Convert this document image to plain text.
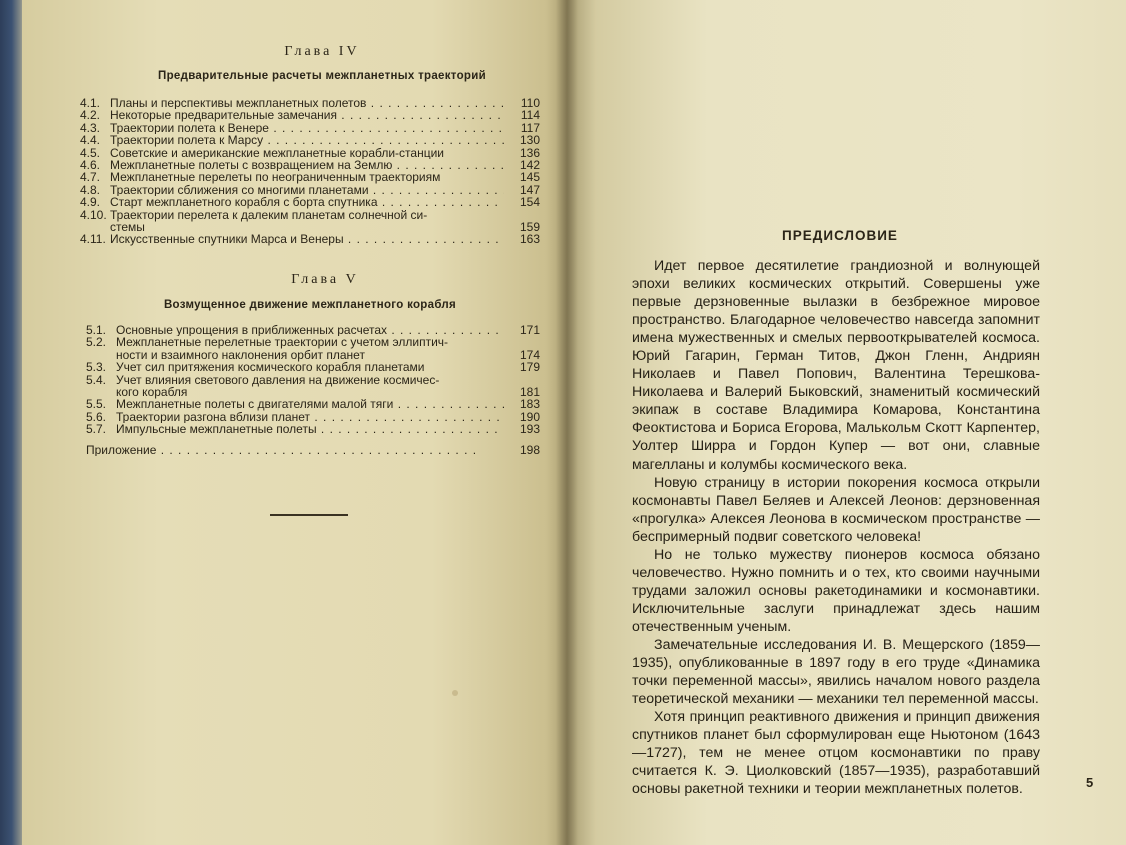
Глава IV
Предварительные расчеты межпланетных траекторий
4.1. Планы и перспективы межпланетных полетов . . .	110
4.2. Некоторые предварительные замечания . . .	114
4.3. Траектории полета к Венере . . .	117
4.4. Траектории полета к Марсу . . .	130
4.5. Советские и американские межпланетные корабли-станции	136
4.6. Межпланетные полеты с возвращением на Землю . . .	142
4.7. Межпланетные перелеты по неограниченным траекториям	145
4.8. Траектории сближения со многими планетами . . .	147
4.9. Старт межпланетного корабля с борта спутника . . .	154
4.10. Траектории перелета к далеким планетам солнечной си-
стемы	159
4.11. Искусственные спутники Марса и Венеры . . .	163
Глава V
Возмущенное движение межпланетного корабля
5.1. Основные упрощения в приближенных расчетах . . .	171
5.2. Межпланетные перелетные траектории с учетом эллиптич-
ности и взаимного наклонения орбит планет	174
5.3. Учет сил притяжения космического корабля планетами	179
5.4. Учет влияния светового давления на движение космичес-
кого корабля	181
5.5. Межпланетные полеты с двигателями малой тяги . . .	183
5.6. Траектории разгона вблизи планет . . .	190
5.7. Импульсные межпланетные полеты . . .	193
Приложение . . .	198
ПРЕДИСЛОВИЕ

Идет первое десятилетие грандиозной и волнующей эпохи великих космических открытий. Совершены уже первые дерзновенные вылазки в безбрежное мировое пространство. Благодарное человечество навсегда запомнит имена мужественных и смелых первооткрывателей космоса. Юрий Гагарин, Герман Титов, Джон Гленн, Андриян Николаев и Павел Попович, Валентина Терешкова-Николаева и Валерий Быковский, знаменитый космический экипаж в составе Владимира Комарова, Константина Феоктистова и Бориса Егорова, Малькольм Скотт Карпентер, Уолтер Ширра и Гордон Купер — вот они, славные магелланы и колумбы космического века.

Новую страницу в истории покорения космоса открыли космонавты Павел Беляев и Алексей Леонов: дерзновенная «прогулка» Алексея Леонова в космическом пространстве — беспримерный подвиг советского человека!

Но не только мужеству пионеров космоса обязано человечество. Нужно помнить и о тех, кто своими научными трудами заложил основы ракетодинамики и космонавтики. Исключительные заслуги принадлежат здесь нашим отечественным ученым.

Замечательные исследования И. В. Мещерского (1859—1935), опубликованные в 1897 году в его труде «Динамика точки переменной массы», явились началом нового раздела теоретической механики — механики тел переменной массы.

Хотя принцип реактивного движения и принцип движения спутников планет был сформулирован еще Ньютоном (1643—1727), тем не менее отцом космонавтики по праву считается К. Э. Циолковский (1857—1935), разработавший основы ракетной техники и теории межпланетных полетов.	5
